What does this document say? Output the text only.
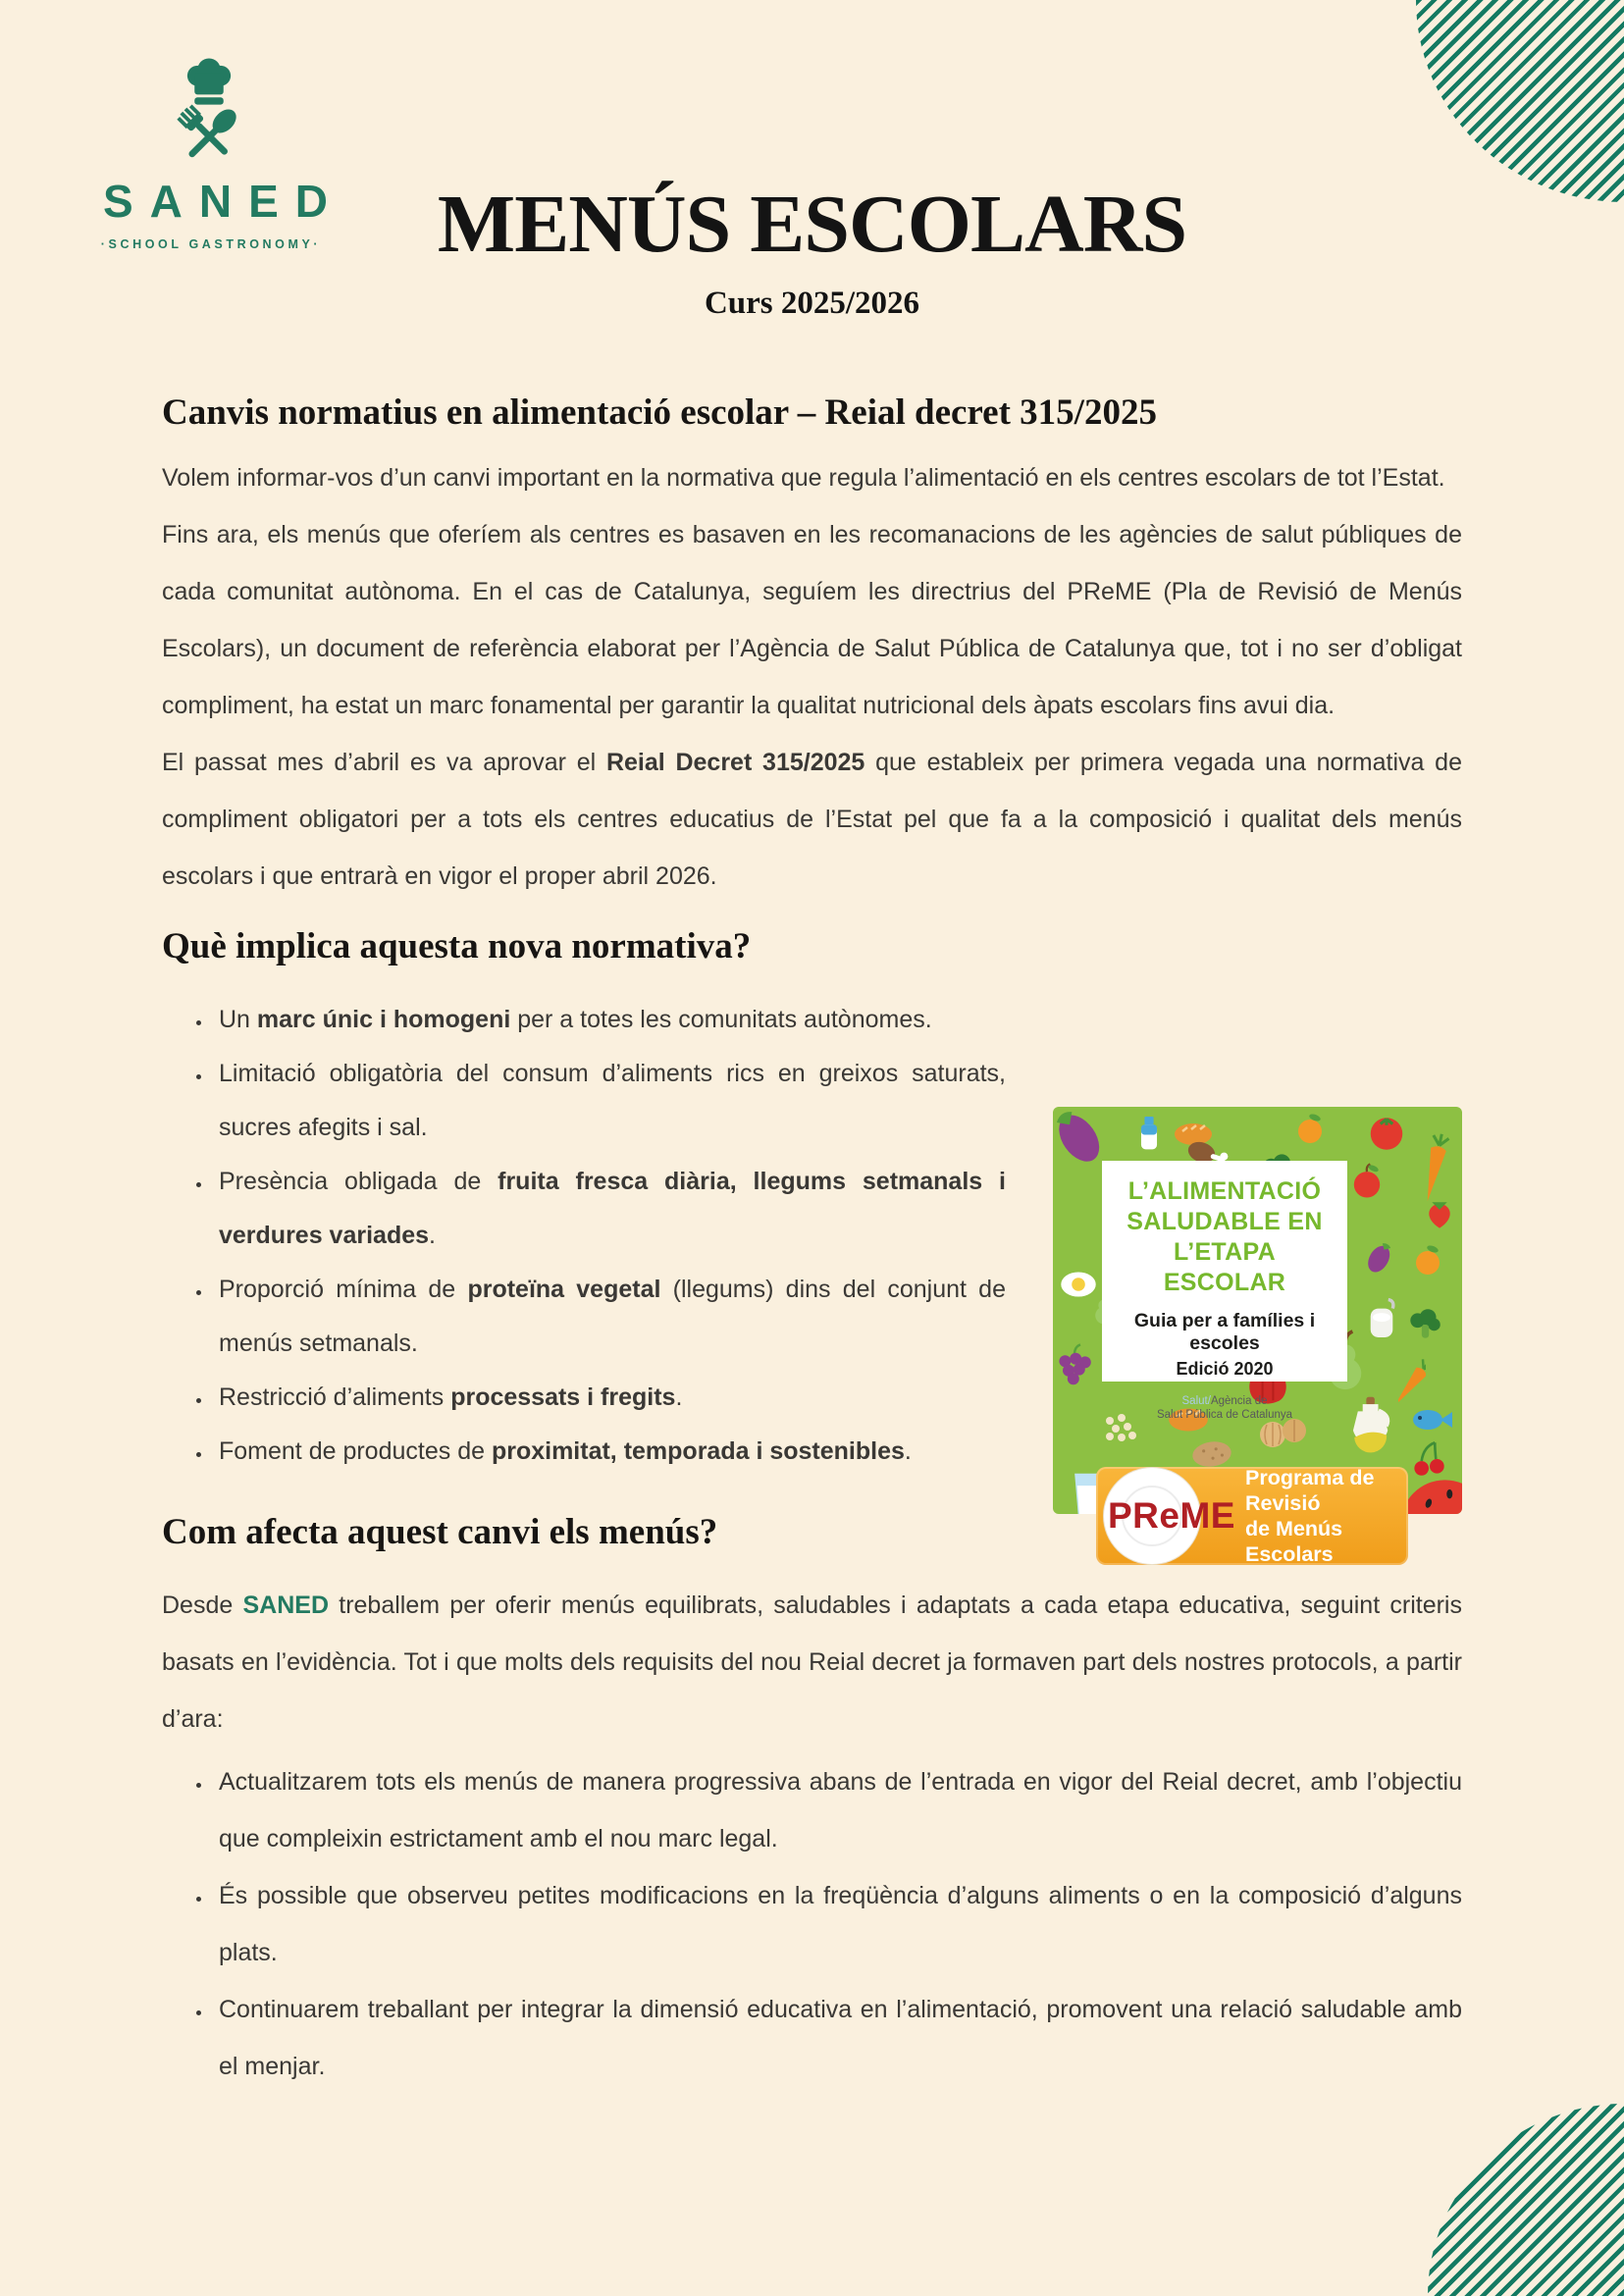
SANED
·SCHOOL GASTRONOMY·	MENÚS ESCOLARS
Curs 2025/2026
Canvis normatius en alimentació escolar – Reial decret 315/2025

Volem informar-vos d’un canvi important en la normativa que regula l’alimentació en els centres escolars de tot l’Estat.

Fins ara, els menús que oferíem als centres es basaven en les recomanacions de les agències de salut públiques de cada comunitat autònoma. En el cas de Catalunya, seguíem les directrius del PReME (Pla de Revisió de Menús Escolars), un document de referència elaborat per l’Agència de Salut Pública de Catalunya que, tot i no ser d’obligat compliment, ha estat un marc fonamental per garantir la qualitat nutricional dels àpats escolars fins avui dia.

El passat mes d’abril es va aprovar el Reial Decret 315/2025 que estableix per primera vegada una normativa de compliment obligatori per a tots els centres educatius de l’Estat pel que fa a la composició i qualitat dels menús escolars i que entrarà en vigor el proper abril 2026.

Què implica aquesta nova normativa?
• Un marc únic i homogeni per a totes les comunitats autònomes.
• Limitació obligatòria del consum d’aliments rics en greixos saturats, sucres afegits i sal.
• Presència obligada de fruita fresca diària, llegums setmanals i verdures variades.
• Proporció mínima de proteïna vegetal (llegums) dins del conjunt de menús setmanals.
• Restricció d’aliments processats i fregits.
• Foment de productes de proximitat, temporada i sostenibles.
Com afecta aquest canvi els menús?

Desde SANED treballem per oferir menús equilibrats, saludables i adaptats a cada etapa educativa, seguint criteris basats en l’evidència. Tot i que molts dels requisits del nou Reial decret ja formaven part dels nostres protocols, a partir d’ara:

• Actualitzarem tots els menús de manera progressiva abans de l’entrada en vigor del Reial decret, amb l’objectiu que compleixin estrictament amb el nou marc legal.
• És possible que observeu petites modificacions en la freqüència d’alguns aliments o en la composició d’alguns plats.
• Continuarem treballant per integrar la dimensió educativa en l’alimentació, promovent una relació saludable amb el menjar.
L’ALIMENTACIÓ SALUDABLE EN L’ETAPA ESCOLAR
Guia per a famílies i escoles
Edició 2020
Salut/Agència de
Salut Pública de Catalunya
PReME
Programa de Revisió
de Menús Escolars
